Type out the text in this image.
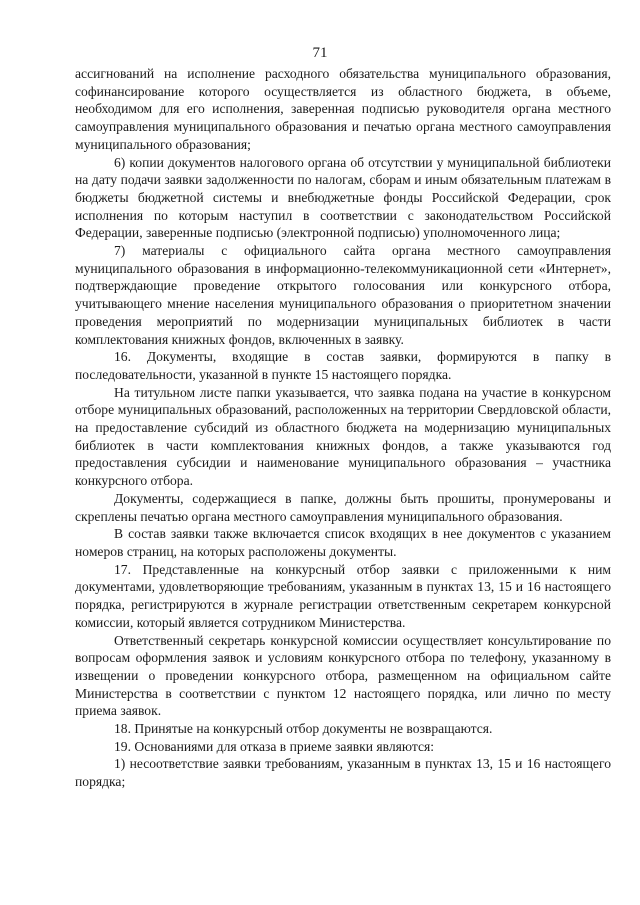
71

ассигнований на исполнение расходного обязательства муниципального образования, софинансирование которого осуществляется из областного бюджета, в объеме, необходимом для его исполнения, заверенная подписью руководителя органа местного самоуправления муниципального образования и печатью органа местного самоуправления муниципального образования;

6) копии документов налогового органа об отсутствии у муниципальной библиотеки на дату подачи заявки задолженности по налогам, сборам и иным обязательным платежам в бюджеты бюджетной системы и внебюджетные фонды Российской Федерации, срок исполнения по которым наступил в соответствии с законодательством Российской Федерации, заверенные подписью (электронной подписью) уполномоченного лица;

7) материалы с официального сайта органа местного самоуправления муниципального образования в информационно-телекоммуникационной сети «Интернет», подтверждающие проведение открытого голосования или конкурсного отбора, учитывающего мнение населения муниципального образования о приоритетном значении проведения мероприятий по модернизации муниципальных библиотек в части комплектования книжных фондов, включенных в заявку.

16. Документы, входящие в состав заявки, формируются в папку в последовательности, указанной в пункте 15 настоящего порядка.

На титульном листе папки указывается, что заявка подана на участие в конкурсном отборе муниципальных образований, расположенных на территории Свердловской области, на предоставление субсидий из областного бюджета на модернизацию муниципальных библиотек в части комплектования книжных фондов, а также указываются год предоставления субсидии и наименование муниципального образования – участника конкурсного отбора.

Документы, содержащиеся в папке, должны быть прошиты, пронумерованы и скреплены печатью органа местного самоуправления муниципального образования.

В состав заявки также включается список входящих в нее документов с указанием номеров страниц, на которых расположены документы.

17. Представленные на конкурсный отбор заявки с приложенными к ним документами, удовлетворяющие требованиям, указанным в пунктах 13, 15 и 16 настоящего порядка, регистрируются в журнале регистрации ответственным секретарем конкурсной комиссии, который является сотрудником Министерства.

Ответственный секретарь конкурсной комиссии осуществляет консультирование по вопросам оформления заявок и условиям конкурсного отбора по телефону, указанному в извещении о проведении конкурсного отбора, размещенном на официальном сайте Министерства в соответствии с пунктом 12 настоящего порядка, или лично по месту приема заявок.

18. Принятые на конкурсный отбор документы не возвращаются.

19. Основаниями для отказа в приеме заявки являются:

1) несоответствие заявки требованиям, указанным в пунктах 13, 15 и 16 настоящего порядка;
